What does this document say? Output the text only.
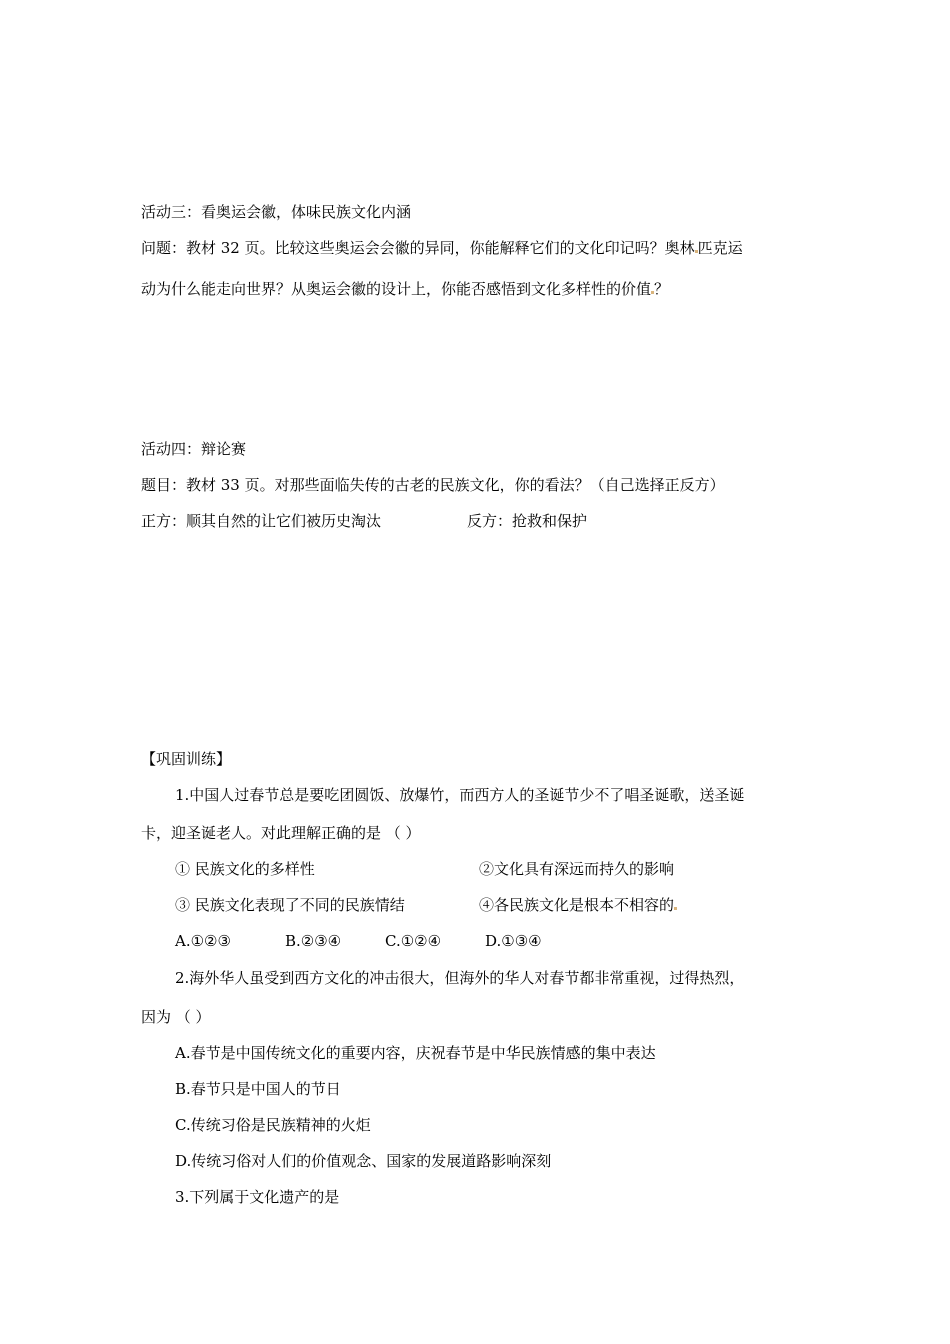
活动三：看奥运会徽，体味民族文化内涵

问题：教材 32 页。比较这些奥运会会徽的异同，你能解释它们的文化印记吗？奥林 匹克运

动为什么能走向世界？从奥运会徽的设计上，你能否感悟到文化多样性的价值 ？

活动四：辩论赛

题目：教材 33 页。对那些面临失传的古老的民族文化，你的看法？（自己选择正反方）

正方：顺其自然的让它们被历史淘汰	反方：抢救和保护

【巩固训练】

1.中国人过春节总是要吃团圆饭、放爆竹，而西方人的圣诞节少不了唱圣诞歌，送圣诞

卡，迎圣诞老人。对此理解正确的是 （ ）

① 民族文化的多样性	②文化具有深远而持久的影响

③ 民族文化表现了不同的民族情结	④各民族文化是根本不相容的

A.①②③	B.②③④	C.①②④	D.①③④

2.海外华人虽受到西方文化的冲击很大，但海外的华人对春节都非常重视，过得热烈，

因为 （ ）

A.春节是中国传统文化的重要内容，庆祝春节是中华民族情感的集中表达

B.春节只是中国人的节日

C.传统习俗是民族精神的火炬

D.传统习俗对人们的价值观念、国家的发展道路影响深刻

3.下列属于文化遗产的是
